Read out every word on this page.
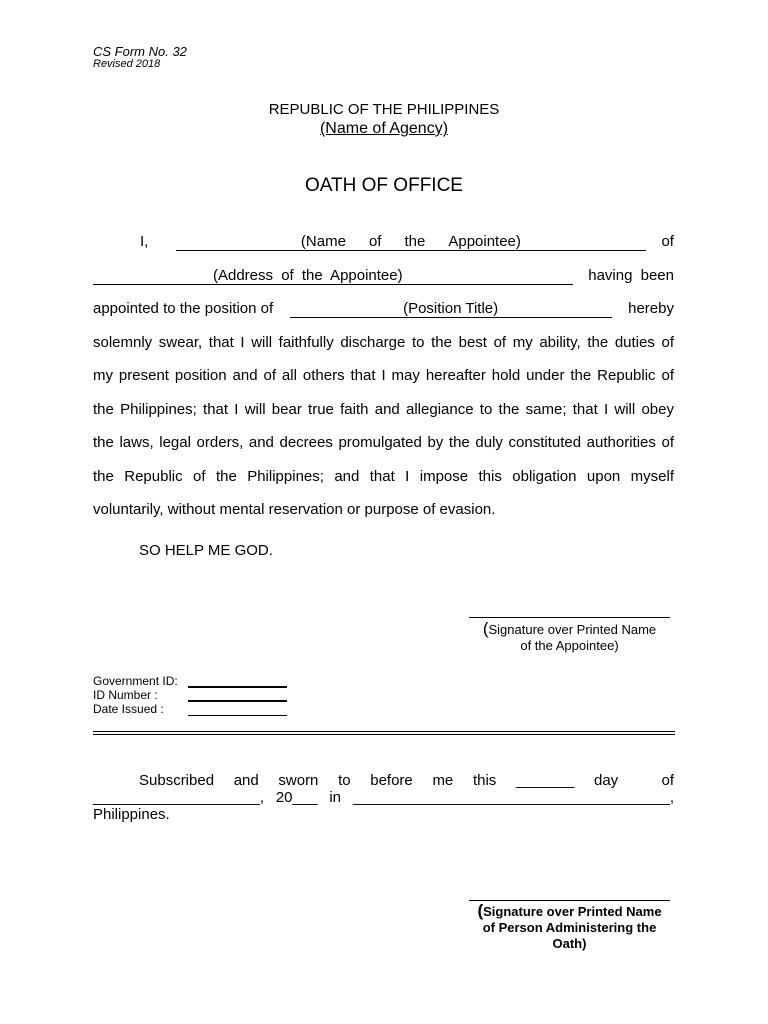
CS Form No. 32
Revised 2018
REPUBLIC OF THE PHILIPPINES
(Name of Agency)
OATH OF OFFICE
I,	(Name of the Appointee)	of
(Address of the Appointee)	having been
appointed to the position of	(Position Title)	hereby
solemnly swear, that I will faithfully discharge to the best of my ability, the duties of
my present position and of all others that I may hereafter hold under the Republic of
the Philippines; that I will bear true faith and allegiance to the same; that I will obey
the laws, legal orders, and decrees promulgated by the duly constituted authorities of
the Republic of the Philippines; and that I impose this obligation upon myself
voluntarily, without mental reservation or purpose of evasion.
SO HELP ME GOD.
(Signature over Printed Name
of the Appointee)
Government ID:
ID Number :
Date Issued :
Subscribed and sworn to before me this _______ day	of
____________________, 20___ in ______________________________________,
Philippines.
(Signature over Printed Name
of Person Administering the
Oath)
